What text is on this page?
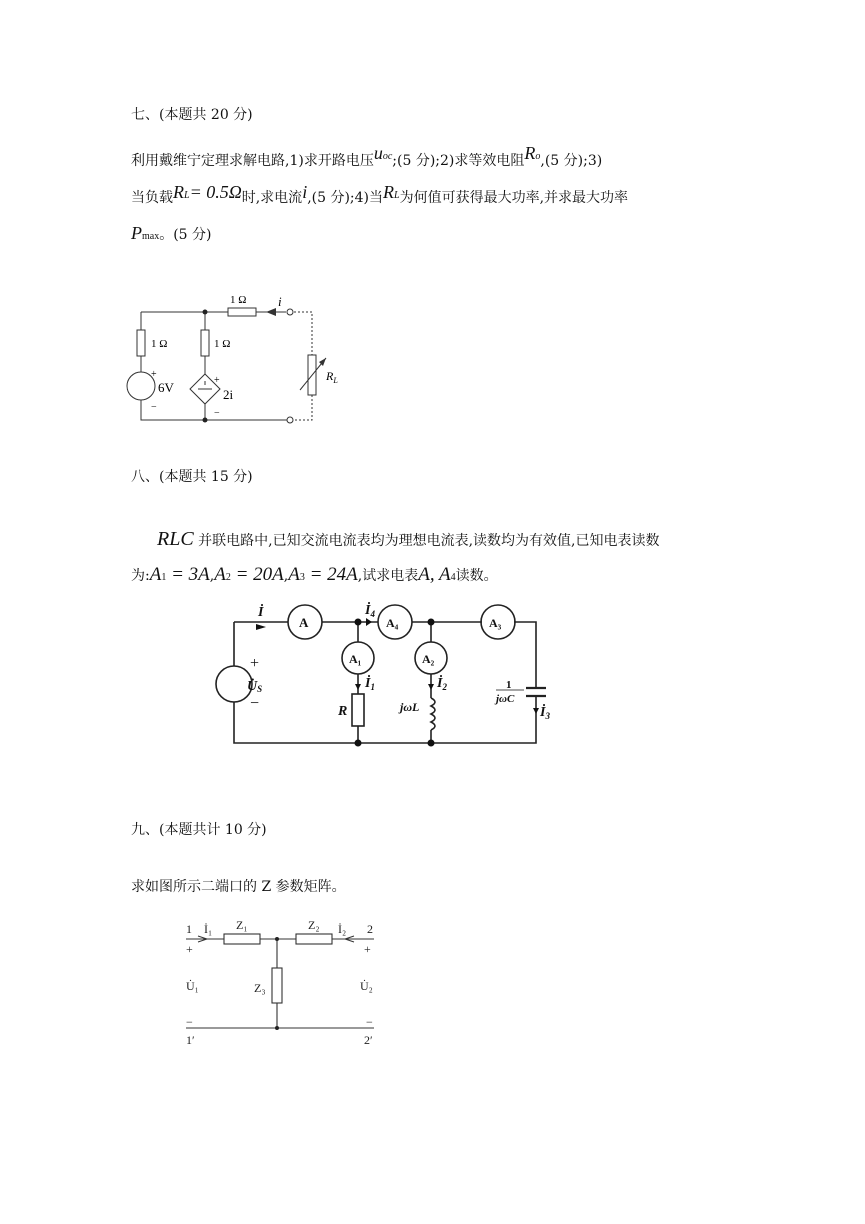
七、(本题共 20 分)
利用戴维宁定理求解电路,1)求开路电压uoc;(5 分);2)求等效电阻Ro,(5 分);3)
当负载RL= 0.5Ω时,求电流i,(5 分);4)当RL为何值可获得最大功率,并求最大功率
Pmax。(5 分)
1 Ω i
1 Ω	1 Ω
+
6V
−
+
2i
−
$R_L$
八、(本题共 15 分)
RLC 并联电路中,已知交流电流表均为理想电流表,读数均为有效值,已知电表读数
为:A1 = 3A,A2 = 20A,A3 = 24A,试求电表A, A4读数。
İ
A
$İ_4$
A₄	A₃
+
U̇S
−
A₁
$İ_1$
R
A₂
$İ_2$
jωL
1
jωC
$İ_3$
九、(本题共计 10 分)
求如图所示二端口的 Z 参数矩阵。
1 İ₁ Z₁	Z₂ İ₂ 2
+	+
U̇₁	Z₃	U̇₂
−	−
1′	2′
